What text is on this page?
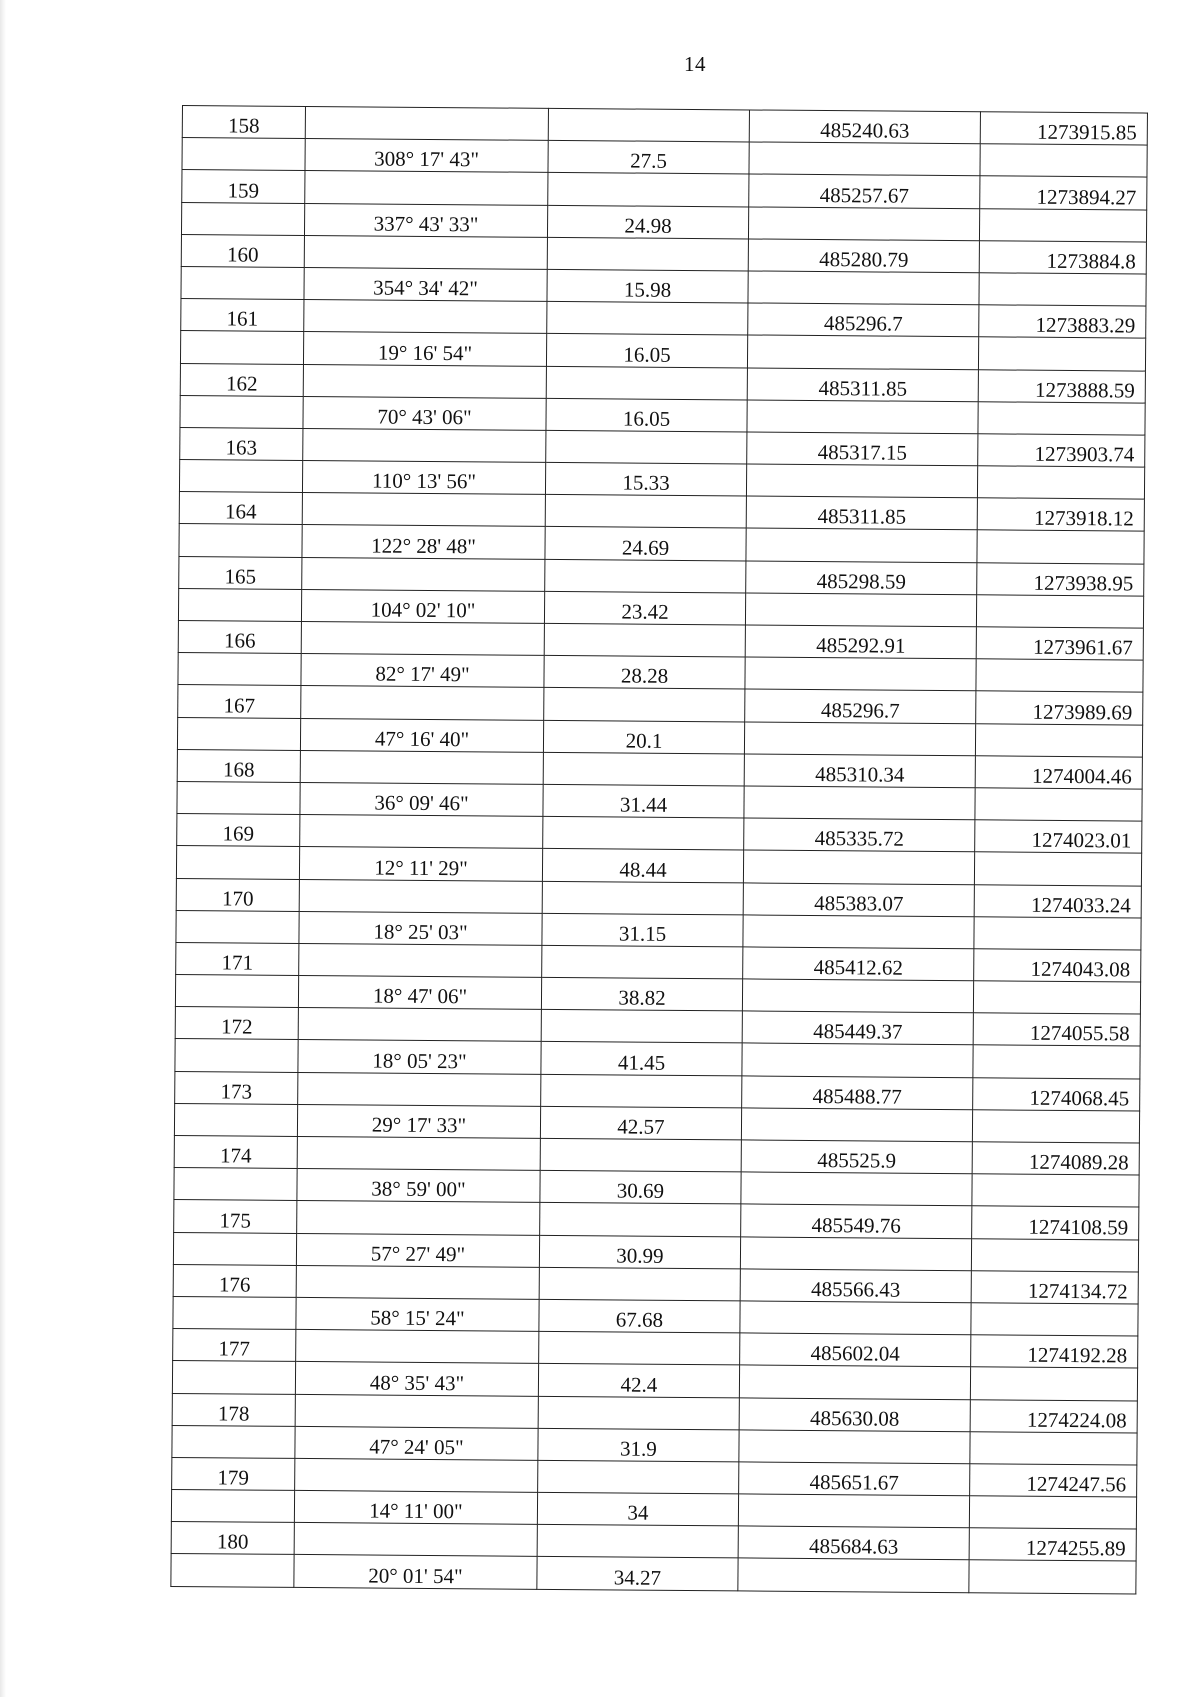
14
158			485240.63	1273915.85
	308° 17' 43"	27.5		
159			485257.67	1273894.27
	337° 43' 33"	24.98		
160			485280.79	1273884.8
	354° 34' 42"	15.98		
161			485296.7	1273883.29
	19° 16' 54"	16.05		
162			485311.85	1273888.59
	70° 43' 06"	16.05		
163			485317.15	1273903.74
	110° 13' 56"	15.33		
164			485311.85	1273918.12
	122° 28' 48"	24.69		
165			485298.59	1273938.95
	104° 02' 10"	23.42		
166			485292.91	1273961.67
	82° 17' 49"	28.28		
167			485296.7	1273989.69
	47° 16' 40"	20.1		
168			485310.34	1274004.46
	36° 09' 46"	31.44		
169			485335.72	1274023.01
	12° 11' 29"	48.44		
170			485383.07	1274033.24
	18° 25' 03"	31.15		
171			485412.62	1274043.08
	18° 47' 06"	38.82		
172			485449.37	1274055.58
	18° 05' 23"	41.45		
173			485488.77	1274068.45
	29° 17' 33"	42.57		
174			485525.9	1274089.28
	38° 59' 00"	30.69		
175			485549.76	1274108.59
	57° 27' 49"	30.99		
176			485566.43	1274134.72
	58° 15' 24"	67.68		
177			485602.04	1274192.28
	48° 35' 43"	42.4		
178			485630.08	1274224.08
	47° 24' 05"	31.9		
179			485651.67	1274247.56
	14° 11' 00"	34		
180			485684.63	1274255.89
	20° 01' 54"	34.27		
